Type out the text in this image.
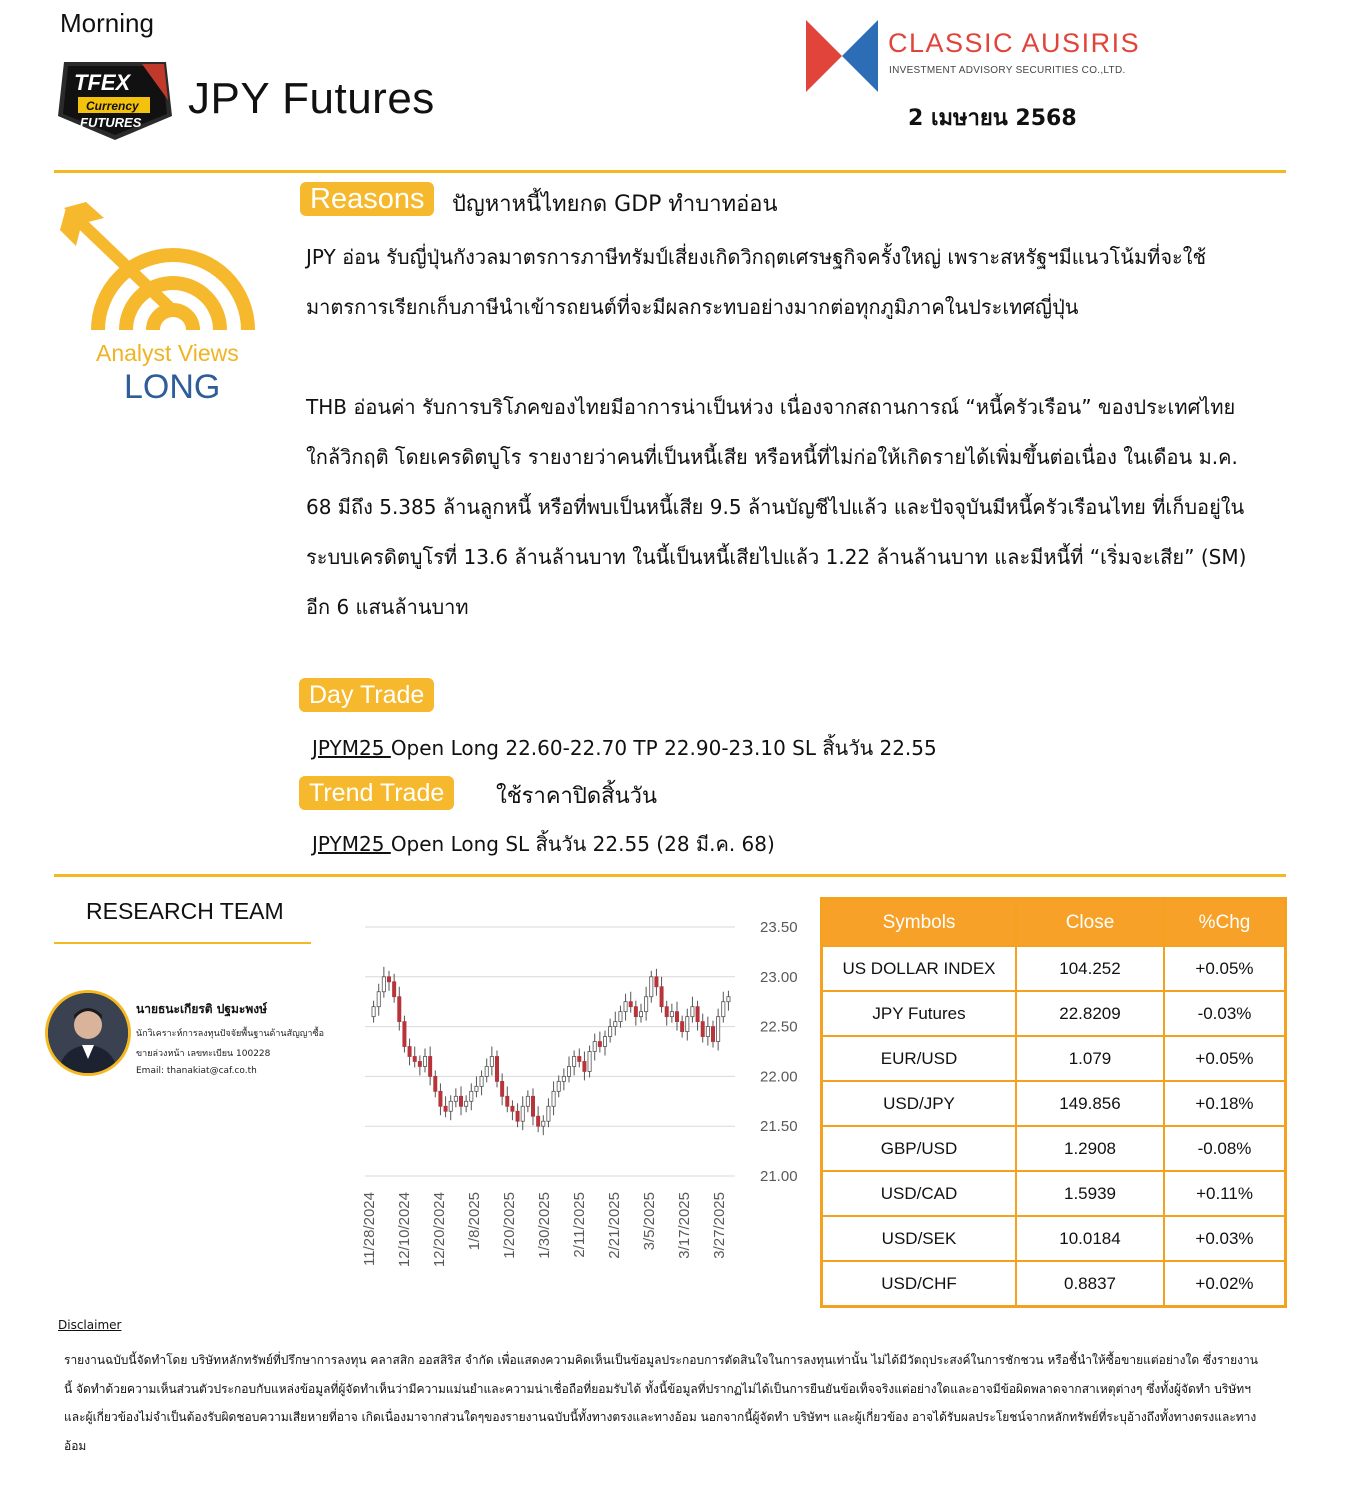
Morning
TFEX
Currency
FUTURES JPY Futures
CLASSIC AUSIRIS
INVESTMENT ADVISORY SECURITIES CO.,LTD.
2 เมษายน 2568
Analyst Views
LONG
Reasons	ปัญหาหนี้ไทยกด GDP ทำบาทอ่อน
JPY อ่อน รับญี่ปุ่นกังวลมาตรการภาษีทรัมป์เสี่ยงเกิดวิกฤตเศรษฐกิจครั้งใหญ่ เพราะสหรัฐฯมีแนวโน้มที่จะใช้มาตรการเรียกเก็บภาษีนำเข้ารถยนต์ที่จะมีผลกระทบอย่างมากต่อทุกภูมิภาคในประเทศญี่ปุ่น
THB อ่อนค่า รับการบริโภคของไทยมีอาการน่าเป็นห่วง เนื่องจากสถานการณ์ “หนี้ครัวเรือน” ของประเทศไทย ใกล้วิกฤติ โดยเครดิตบูโร รายงายว่าคนที่เป็นหนี้เสีย หรือหนี้ที่ไม่ก่อให้เกิดรายได้เพิ่มขึ้นต่อเนื่อง ในเดือน ม.ค. 68 มีถึง 5.385 ล้านลูกหนี้ หรือที่พบเป็นหนี้เสีย 9.5 ล้านบัญชีไปแล้ว และปัจจุบันมีหนี้ครัวเรือนไทย ที่เก็บอยู่ในระบบเครดิตบูโรที่ 13.6 ล้านล้านบาท ในนี้เป็นหนี้เสียไปแล้ว 1.22 ล้านล้านบาท และมีหนี้ที่ “เริ่มจะเสีย” (SM) อีก 6 แสนล้านบาท
Day Trade
JPYM25 Open Long 22.60-22.70 TP 22.90-23.10 SL สิ้นวัน 22.55
Trend Trade	ใช้ราคาปิดสิ้นวัน
JPYM25 Open Long SL สิ้นวัน 22.55 (28 มี.ค. 68)
RESEARCH TEAM
นายธนะเกียรติ ปฐมะพงษ์
นักวิเคราะห์การลงทุนปัจจัยพื้นฐานด้านสัญญาซื้อ
ขายล่วงหน้า เลขทะเบียน 100228
Email: thanakiat@caf.co.th
23.50
23.00
22.50
22.00
21.50
21.00
11/28/2024 12/10/2024 12/20/2024 1/8/2025 1/20/2025 1/30/2025 2/11/2025 2/21/2025 3/5/2025 3/17/2025 3/27/2025
Symbols	Close	%Chg
US DOLLAR INDEX	104.252	+0.05%
JPY Futures	22.8209	-0.03%
EUR/USD	1.079	+0.05%
USD/JPY	149.856	+0.18%
GBP/USD	1.2908	-0.08%
USD/CAD	1.5939	+0.11%
USD/SEK	10.0184	+0.03%
USD/CHF	0.8837	+0.02%
Disclaimer
รายงานฉบับนี้จัดทำโดย บริษัทหลักทรัพย์ที่ปรึกษาการลงทุน คลาสสิก ออสสิริส จำกัด เพื่อแสดงความคิดเห็นเป็นข้อมูลประกอบการตัดสินใจในการลงทุนเท่านั้น ไม่ได้มีวัตถุประสงค์ในการชักชวน หรือชี้นำให้ซื้อขายแต่อย่างใด ซึ่งรายงานนี้ จัดทำด้วยความเห็นส่วนตัวประกอบกับแหล่งข้อมูลที่ผู้จัดทำเห็นว่ามีความแม่นยำและความน่าเชื่อถือที่ยอมรับได้ ทั้งนี้ข้อมูลที่ปรากฏไม่ได้เป็นการยืนยันข้อเท็จจริงแต่อย่างใดและอาจมีข้อผิดพลาดจากสาเหตุต่างๆ ซึ่งทั้งผู้จัดทำ บริษัทฯ และผู้เกี่ยวข้องไม่จำเป็นต้องรับผิดชอบความเสียหายที่อาจ เกิดเนื่องมาจากส่วนใดๆของรายงานฉบับนี้ทั้งทางตรงและทางอ้อม นอกจากนี้ผู้จัดทำ บริษัทฯ และผู้เกี่ยวข้อง อาจได้รับผลประโยชน์จากหลักทรัพย์ที่ระบุอ้างถึงทั้งทางตรงและทางอ้อม
